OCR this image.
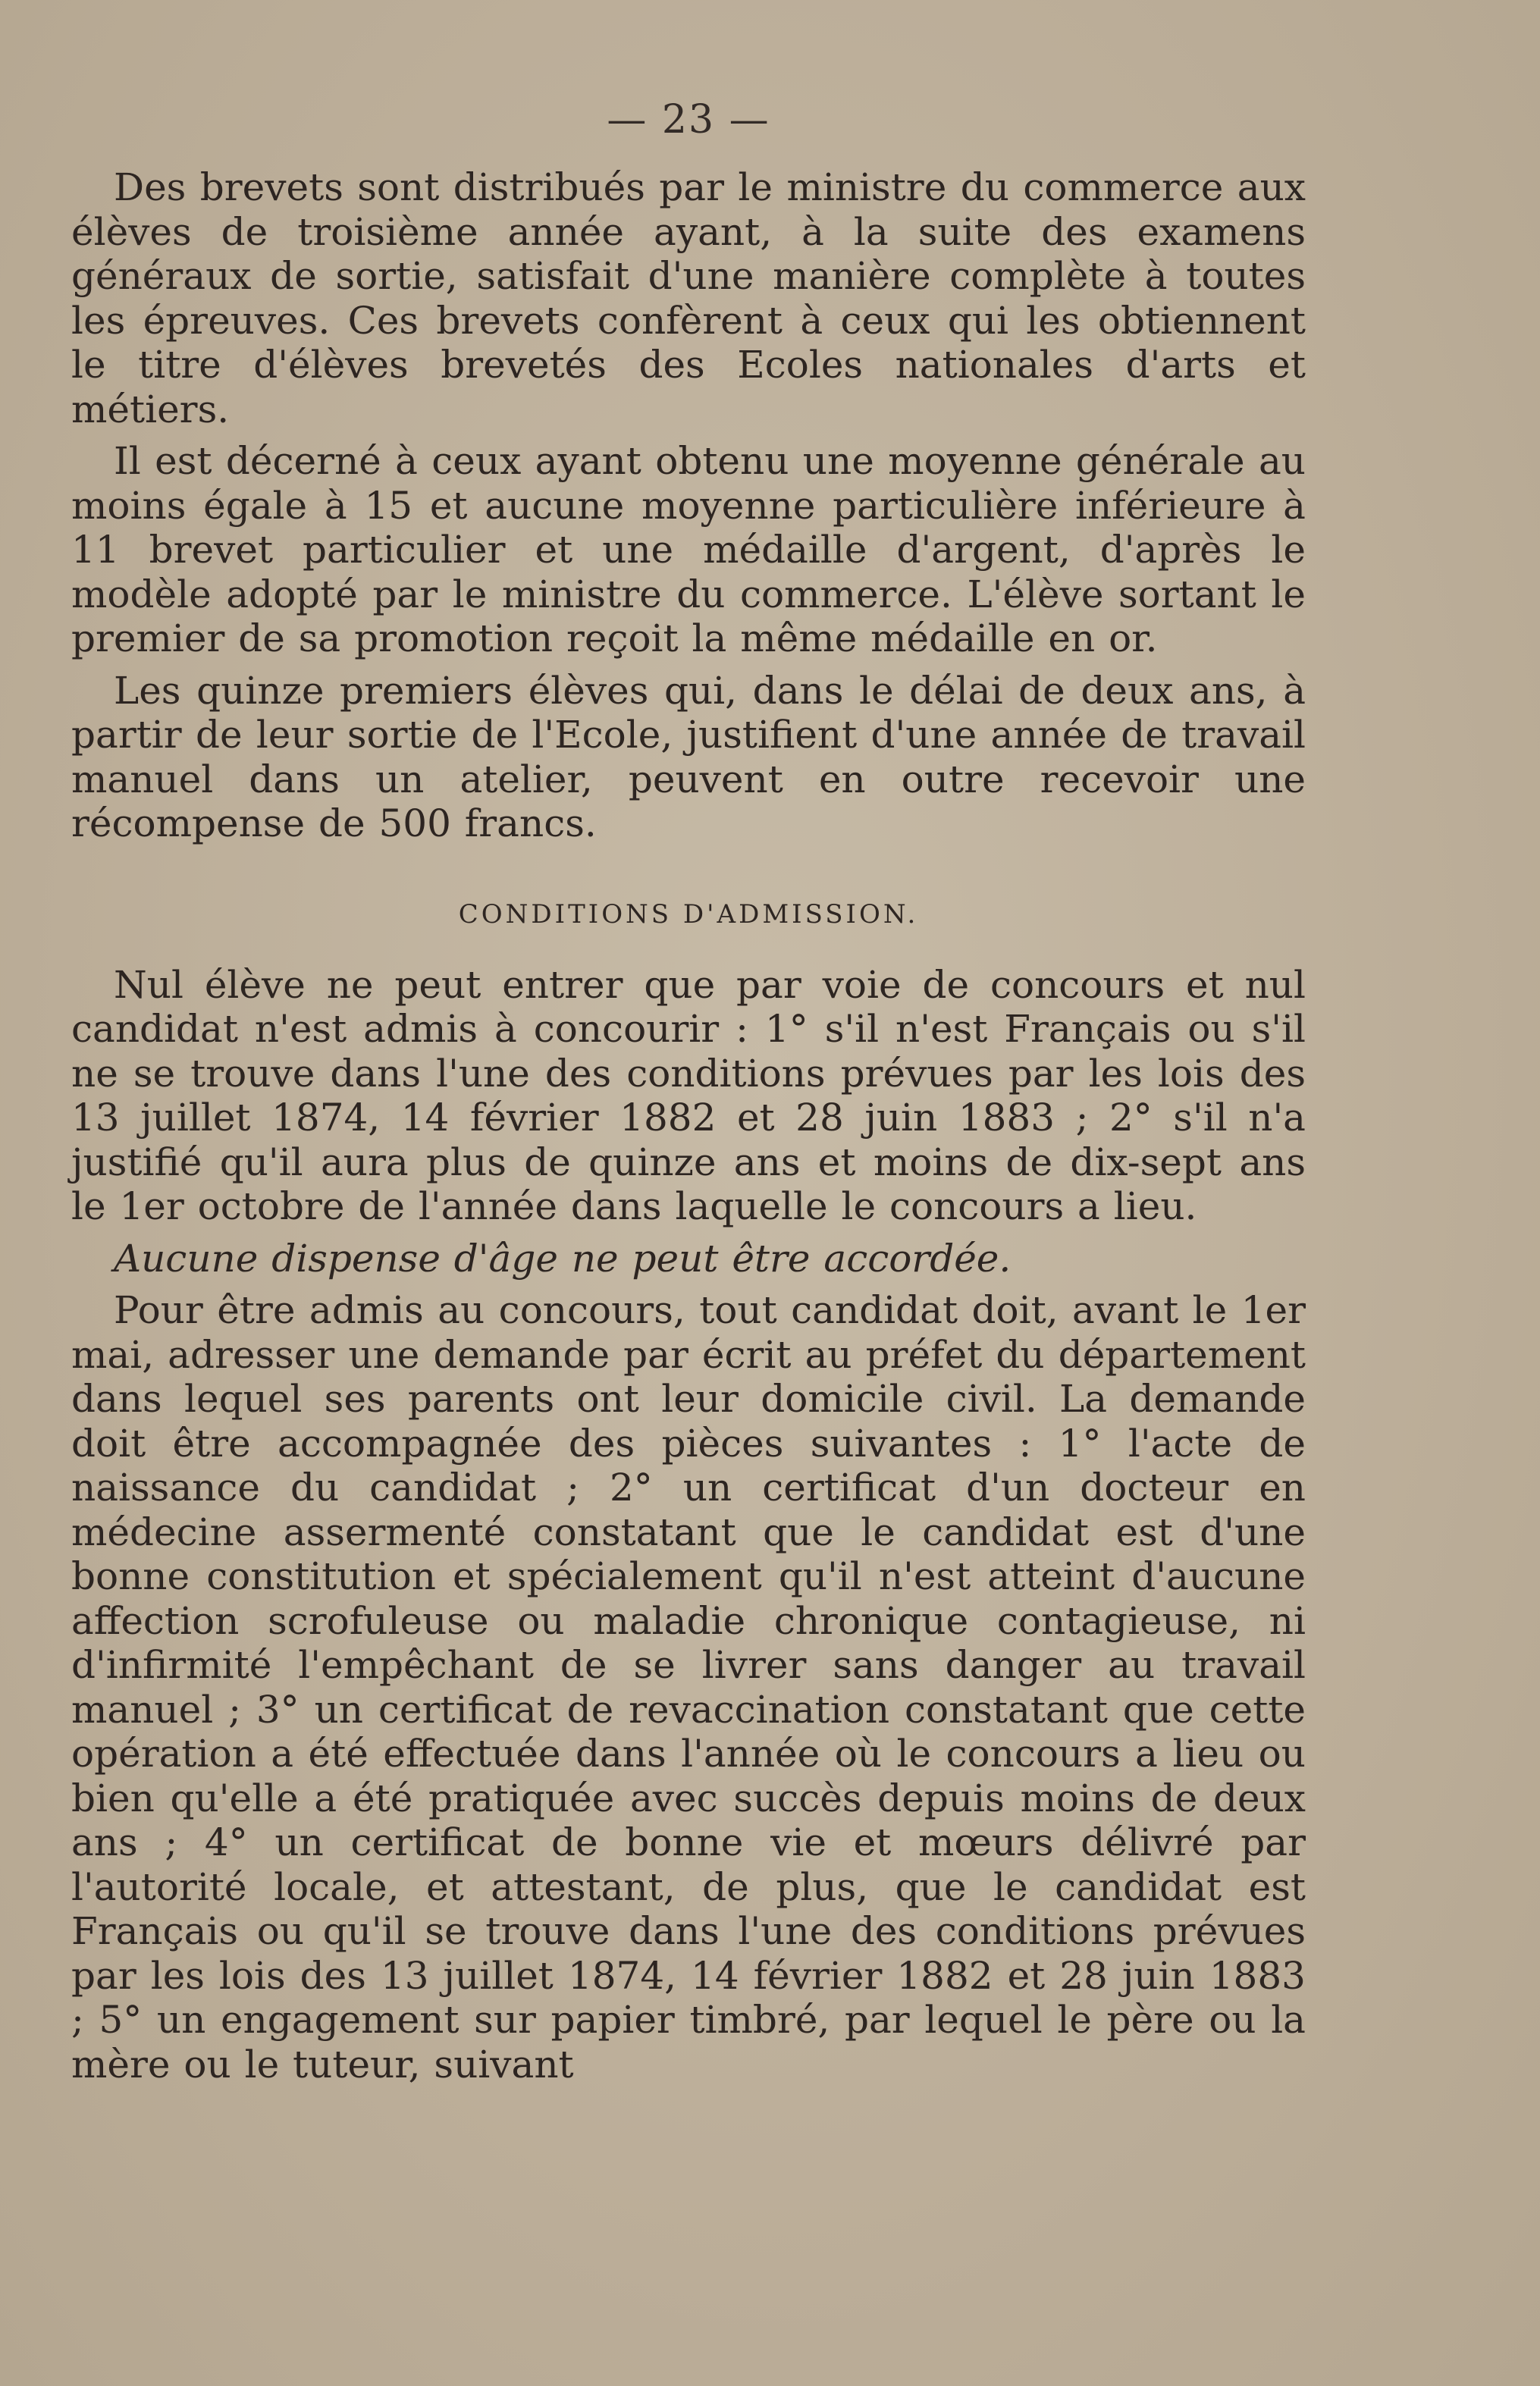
— 23 —

Des brevets sont distribués par le ministre du commerce aux élèves de troisième année ayant, à la suite des examens généraux de sortie, satisfait d'une manière complète à toutes les épreuves. Ces brevets confèrent à ceux qui les obtiennent le titre d'élèves brevetés des Ecoles nationales d'arts et métiers.

Il est décerné à ceux ayant obtenu une moyenne générale au moins égale à 15 et aucune moyenne particulière inférieure à 11 brevet particulier et une médaille d'argent, d'après le modèle adopté par le ministre du commerce. L'élève sortant le premier de sa promotion reçoit la même médaille en or.

Les quinze premiers élèves qui, dans le délai de deux ans, à partir de leur sortie de l'Ecole, justifient d'une année de travail manuel dans un atelier, peuvent en outre recevoir une récompense de 500 francs.

CONDITIONS D'ADMISSION.

Nul élève ne peut entrer que par voie de concours et nul candidat n'est admis à concourir : 1° s'il n'est Français ou s'il ne se trouve dans l'une des conditions prévues par les lois des 13 juillet 1874, 14 février 1882 et 28 juin 1883 ; 2° s'il n'a justifié qu'il aura plus de quinze ans et moins de dix-sept ans le 1er octobre de l'année dans laquelle le concours a lieu.

Aucune dispense d'âge ne peut être accordée.

Pour être admis au concours, tout candidat doit, avant le 1er mai, adresser une demande par écrit au préfet du département dans lequel ses parents ont leur domicile civil. La demande doit être accompagnée des pièces suivantes : 1° l'acte de naissance du candidat ; 2° un certificat d'un docteur en médecine assermenté constatant que le candidat est d'une bonne constitution et spécialement qu'il n'est atteint d'aucune affection scrofuleuse ou maladie chronique contagieuse, ni d'infirmité l'empêchant de se livrer sans danger au travail manuel ; 3° un certificat de revaccination constatant que cette opération a été effectuée dans l'année où le concours a lieu ou bien qu'elle a été pratiquée avec succès depuis moins de deux ans ; 4° un certificat de bonne vie et mœurs délivré par l'autorité locale, et attestant, de plus, que le candidat est Français ou qu'il se trouve dans l'une des conditions prévues par les lois des 13 juillet 1874, 14 février 1882 et 28 juin 1883 ; 5° un engagement sur papier timbré, par lequel le père ou la mère ou le tuteur, suivant
